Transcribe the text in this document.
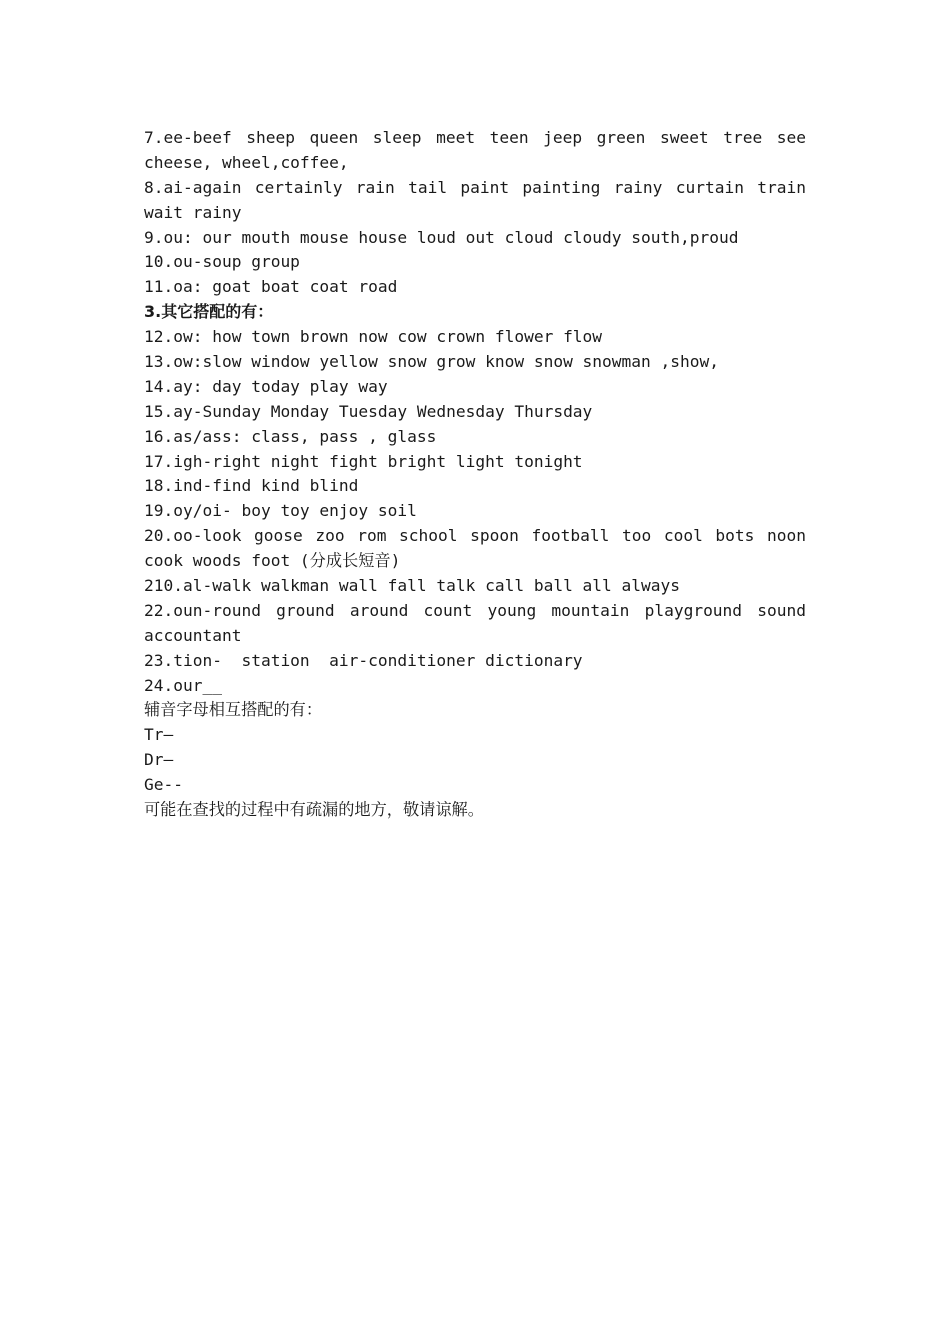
7.ee-beef sheep queen sleep meet teen jeep green sweet tree see
cheese, wheel,coffee,
8.ai-again certainly rain tail paint painting rainy curtain train
wait rainy
9.ou: our mouth mouse house loud out cloud cloudy south,proud
10.ou-soup group
11.oa: goat boat coat road
3.其它搭配的有：
12.ow: how town brown now cow crown flower flow
13.ow:slow window yellow snow grow know snow snowman ,show,
14.ay: day today play way
15.ay-Sunday Monday Tuesday Wednesday Thursday
16.as/ass: class, pass , glass
17.igh-right night fight bright light tonight
18.ind-find kind blind
19.oy/oi- boy toy enjoy soil
20.oo-look goose zoo rom school spoon football too cool bots noon
cook woods foot (分成长短音)
210.al-walk walkman wall fall talk call ball all always
22.oun-round ground around count young mountain playground sound
accountant
23.tion-  station  air-conditioner dictionary
24.our__
辅音字母相互搭配的有：
Tr—
Dr—
Ge--
可能在查找的过程中有疏漏的地方，敬请谅解。
